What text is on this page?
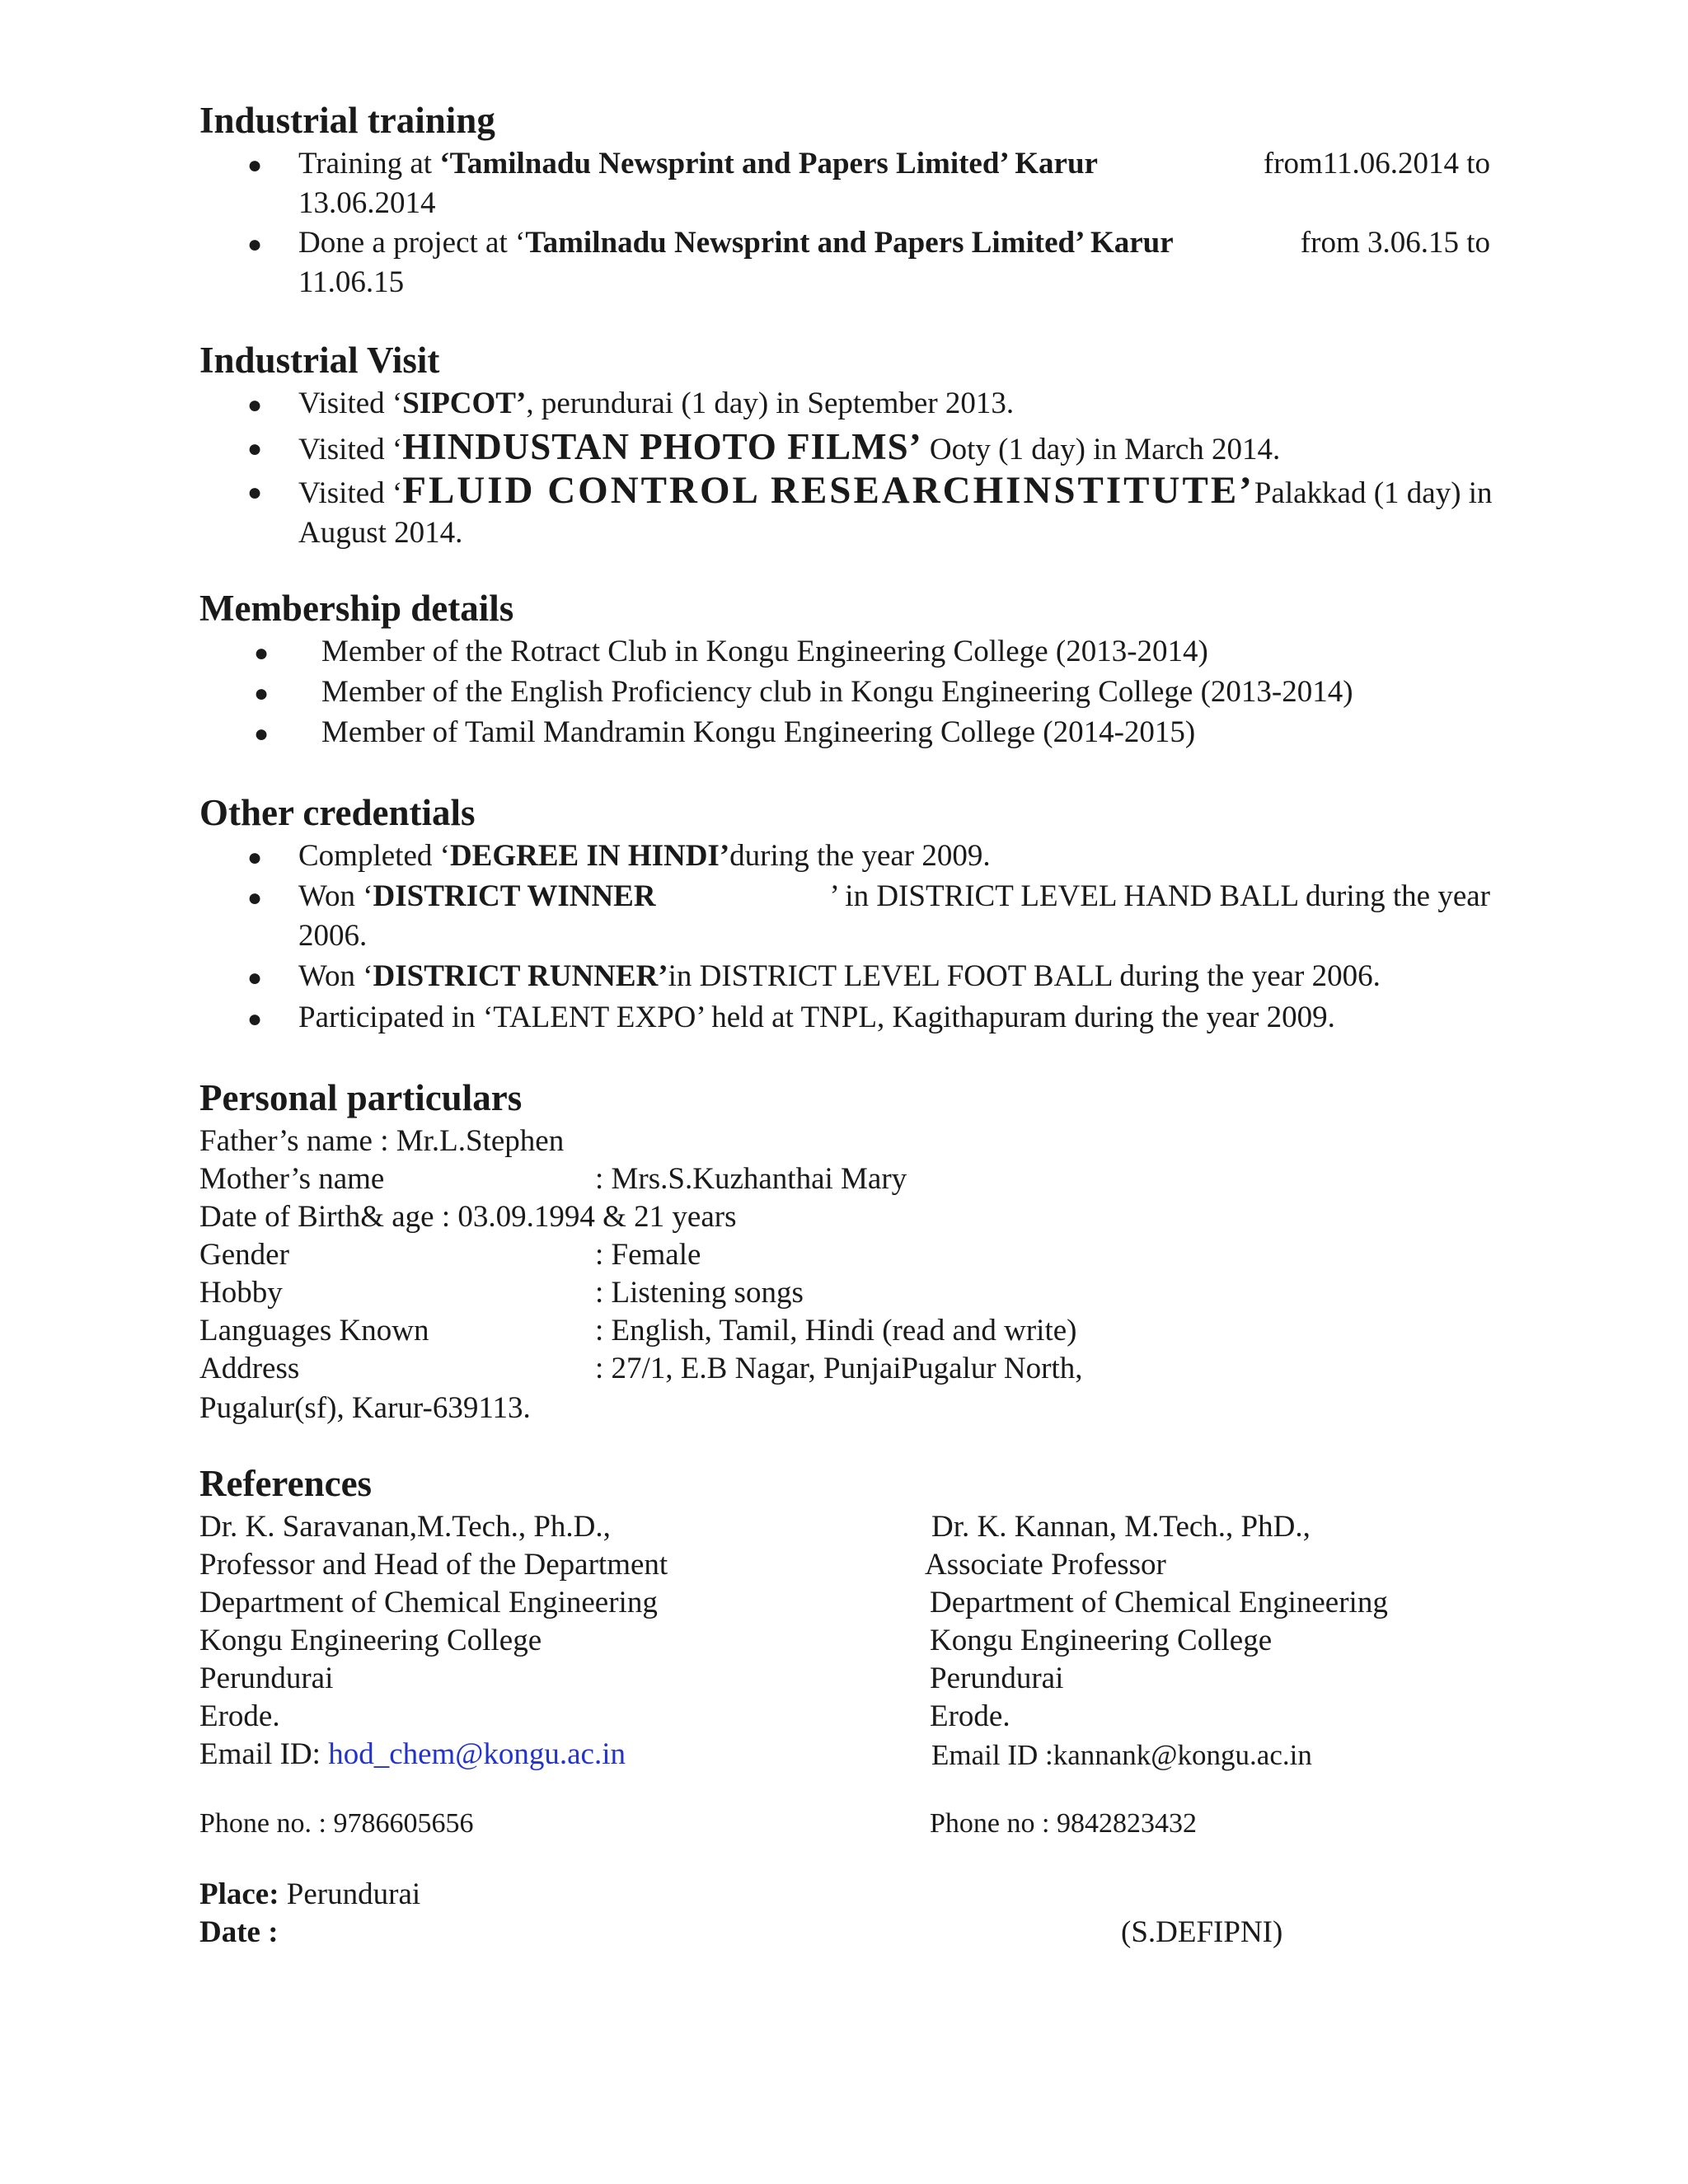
Industrial training
● Training at ‘Tamilnadu Newsprint and Papers Limited’ Karur	from11.06.2014 to
13.06.2014
● Done a project at ‘Tamilnadu Newsprint and Papers Limited’ Karur	from 3.06.15 to
11.06.15
Industrial Visit
● Visited ‘SIPCOT’, perundurai (1 day) in September 2013.
● Visited ‘HINDUSTAN PHOTO FILMS’ Ooty (1 day) in March 2014.
● Visited ‘FLUID CONTROL RESEARCHINSTITUTE’ Palakkad (1 day) in
August 2014.
Membership details
● Member of the Rotract Club in Kongu Engineering College (2013-2014)
● Member of the English Proficiency club in Kongu Engineering College (2013-2014)
● Member of Tamil Mandramin Kongu Engineering College (2014-2015)
Other credentials
● Completed ‘DEGREE IN HINDI’during the year 2009.
● Won ‘DISTRICT WINNER	’ in DISTRICT LEVEL HAND BALL during the year
2006.
● Won ‘DISTRICT RUNNER’in DISTRICT LEVEL FOOT BALL during the year 2006.
● Participated in ‘TALENT EXPO’ held at TNPL, Kagithapuram during the year 2009.
Personal particulars
Father’s name : Mr.L.Stephen
Mother’s name	: Mrs.S.Kuzhanthai Mary
Date of Birth& age : 03.09.1994 & 21 years
Gender	: Female
Hobby	: Listening songs
Languages Known	: English, Tamil, Hindi (read and write)
Address	: 27/1, E.B Nagar, PunjaiPugalur North,
Pugalur(sf), Karur-639113.
References
Dr. K. Saravanan,M.Tech., Ph.D.,
Professor and Head of the Department
Department of Chemical Engineering
Kongu Engineering College
Perundurai
Erode.
Email ID: hod_chem@kongu.ac.in
Phone no. : 9786605656
Dr. K. Kannan, M.Tech., PhD.,
Associate Professor
Department of Chemical Engineering
Kongu Engineering College
Perundurai
Erode.
Email ID :kannank@kongu.ac.in
Phone no : 9842823432
Place: Perundurai
Date :	(S.DEFIPNI)
